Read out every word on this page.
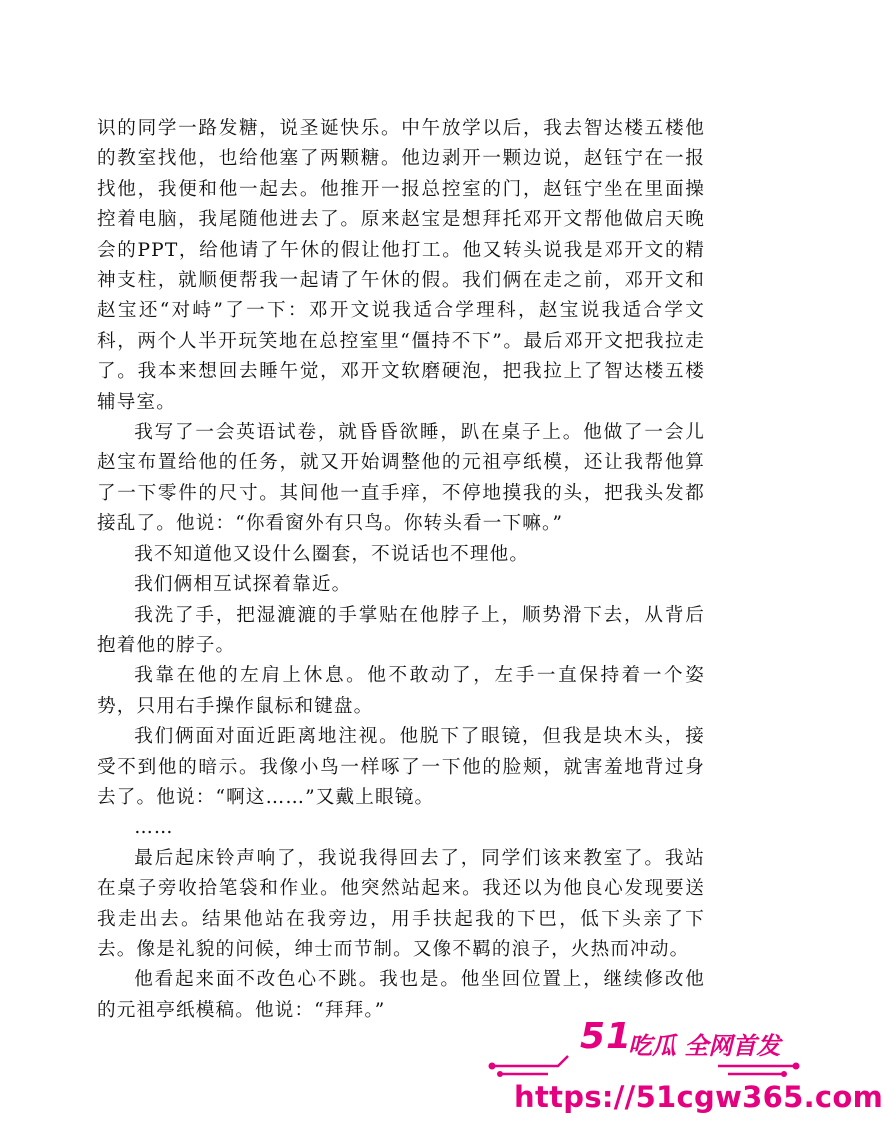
识的同学一路发糖，说圣诞快乐。中午放学以后，我去智达楼五楼他的教室找他，也给他塞了两颗糖。他边剥开一颗边说，赵钰宁在一报找他，我便和他一起去。他推开一报总控室的门，赵钰宁坐在里面操控着电脑，我尾随他进去了。原来赵宝是想拜托邓开文帮他做启天晚会的PPT，给他请了午休的假让他打工。他又转头说我是邓开文的精神支柱，就顺便帮我一起请了午休的假。我们俩在走之前，邓开文和赵宝还“对峙”了一下：邓开文说我适合学理科，赵宝说我适合学文科，两个人半开玩笑地在总控室里“僵持不下”。最后邓开文把我拉走了。我本来想回去睡午觉，邓开文软磨硬泡，把我拉上了智达楼五楼辅导室。

我写了一会英语试卷，就昏昏欲睡，趴在桌子上。他做了一会儿赵宝布置给他的任务，就又开始调整他的元祖亭纸模，还让我帮他算了一下零件的尺寸。其间他一直手痒，不停地摸我的头，把我头发都接乱了。他说：“你看窗外有只鸟。你转头看一下嘛。”

我不知道他又设什么圈套，不说话也不理他。

我们俩相互试探着靠近。

我洗了手，把湿漉漉的手掌贴在他脖子上，顺势滑下去，从背后抱着他的脖子。

我靠在他的左肩上休息。他不敢动了，左手一直保持着一个姿势，只用右手操作鼠标和键盘。

我们俩面对面近距离地注视。他脱下了眼镜，但我是块木头，接受不到他的暗示。我像小鸟一样啄了一下他的脸颊，就害羞地背过身去了。他说：“啊这……”又戴上眼镜。

……

最后起床铃声响了，我说我得回去了，同学们该来教室了。我站在桌子旁收拾笔袋和作业。他突然站起来。我还以为他良心发现要送我走出去。结果他站在我旁边，用手扶起我的下巴，低下头亲了下去。像是礼貌的问候，绅士而节制。又像不羁的浪子，火热而冲动。

他看起来面不改色心不跳。我也是。他坐回位置上，继续修改他的元祖亭纸模稿。他说：“拜拜。”

51
吃瓜 全网首发
https://51cgw365.com
